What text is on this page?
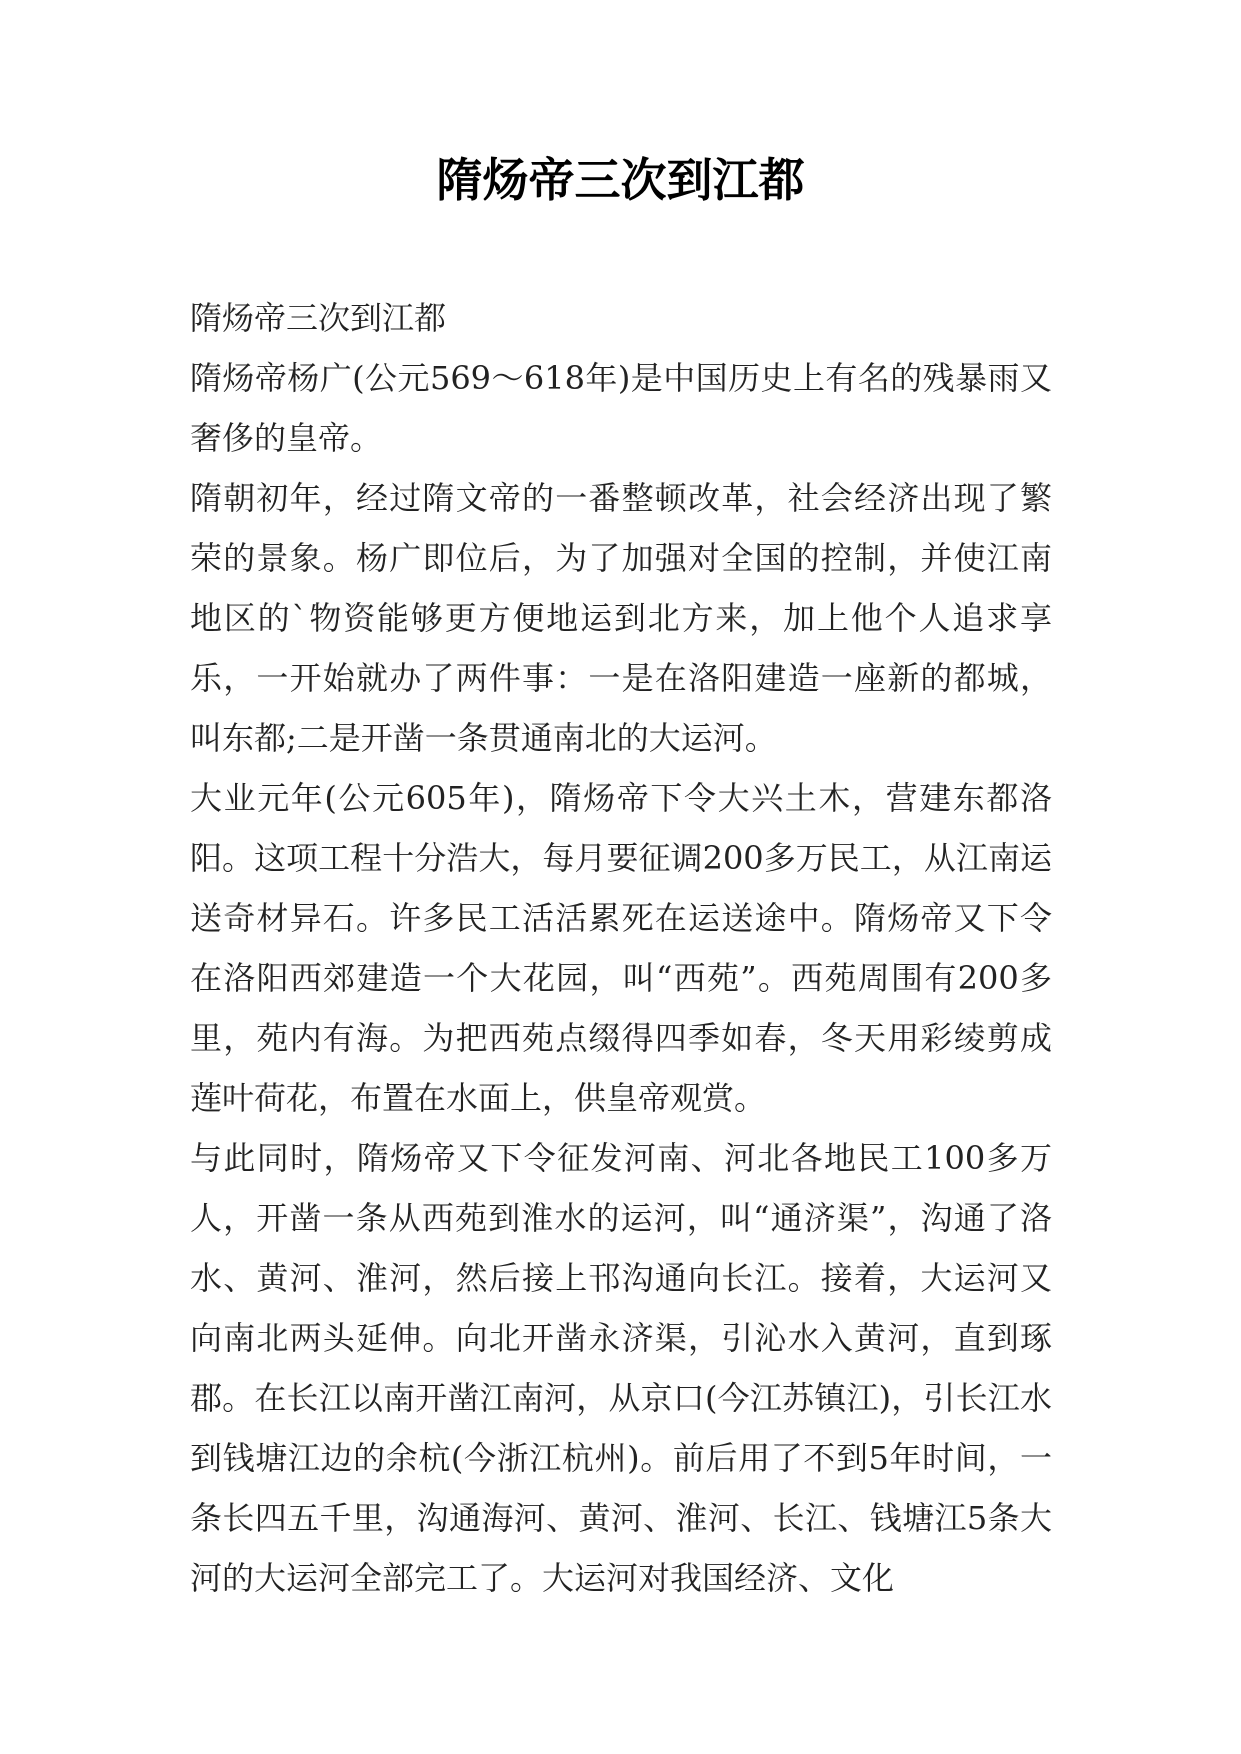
隋炀帝三次到江都

隋炀帝三次到江都

隋炀帝杨广(公元569～618年)是中国历史上有名的残暴雨又奢侈的皇帝。

隋朝初年，经过隋文帝的一番整顿改革，社会经济出现了繁荣的景象。杨广即位后，为了加强对全国的控制，并使江南地区的`物资能够更方便地运到北方来，加上他个人追求享乐，一开始就办了两件事：一是在洛阳建造一座新的都城，叫东都;二是开凿一条贯通南北的大运河。

大业元年(公元605年)，隋炀帝下令大兴土木，营建东都洛阳。这项工程十分浩大，每月要征调200多万民工，从江南运送奇材异石。许多民工活活累死在运送途中。隋炀帝又下令在洛阳西郊建造一个大花园，叫“西苑”。西苑周围有200多里，苑内有海。为把西苑点缀得四季如春，冬天用彩绫剪成莲叶荷花，布置在水面上，供皇帝观赏。

与此同时，隋炀帝又下令征发河南、河北各地民工100多万人，开凿一条从西苑到淮水的运河，叫“通济渠”，沟通了洛水、黄河、淮河，然后接上邗沟通向长江。接着，大运河又向南北两头延伸。向北开凿永济渠，引沁水入黄河，直到琢郡。在长江以南开凿江南河，从京口(今江苏镇江)，引长江水到钱塘江边的余杭(今浙江杭州)。前后用了不到5年时间，一条长四五千里，沟通海河、黄河、淮河、长江、钱塘江5条大河的大运河全部完工了。大运河对我国经济、文化
